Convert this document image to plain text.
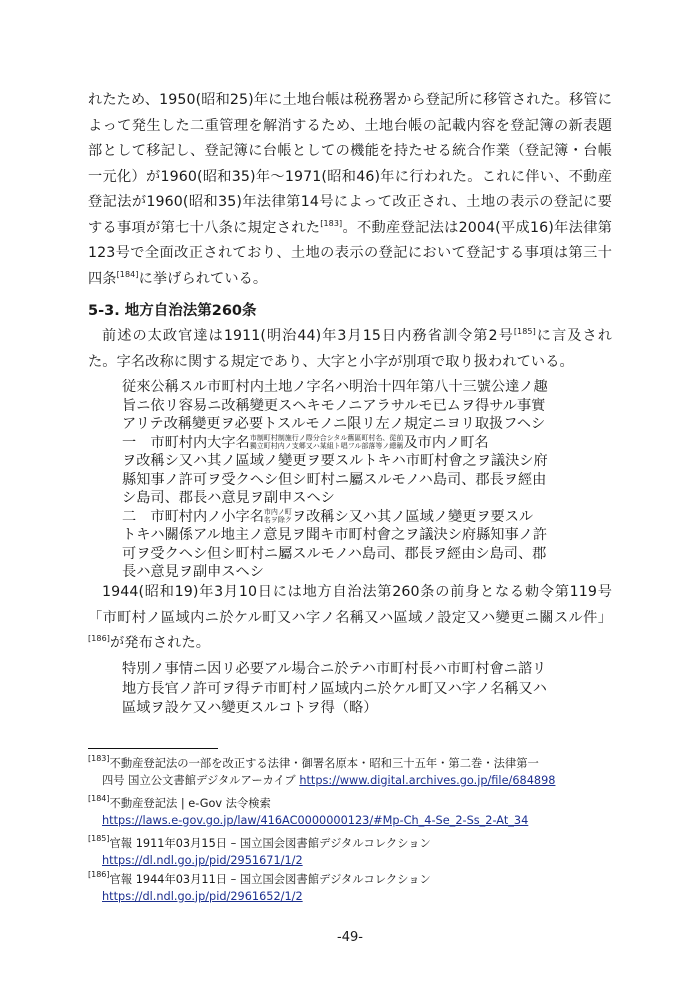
れたため、1950(昭和25)年に土地台帳は税務署から登記所に移管された。移管によって発生した二重管理を解消するため、土地台帳の記載内容を登記簿の新表題部として移記し、登記簿に台帳としての機能を持たせる統合作業（登記簿・台帳一元化）が1960(昭和35)年〜1971(昭和46)年に行われた。これに伴い、不動産登記法が1960(昭和35)年法律第14号によって改正され、土地の表示の登記に要する事項が第七十八条に規定された[183]。不動産登記法は2004(平成16)年法律第123号で全面改正されており、土地の表示の登記において登記する事項は第三十四条[184]に挙げられている。

5-3. 地方自治法第260条

前述の太政官達は1911(明治44)年3月15日内務省訓令第2号[185]に言及された。字名改称に関する規定であり、大字と小字が別項で取り扱われている。

従來公稱スル市町村内土地ノ字名ハ明治十四年第八十三號公達ノ趣
旨ニ依リ容易ニ改稱變更スヘキモノニアラサルモ已ムヲ得サル事實
アリテ改稱變更ヲ必要トスルモノニ限リ左ノ規定ニヨリ取扱フヘシ
一　市町村内大字名 市制町村制施行ノ際分合シタル舊區町村名、從前
獨立町村内ノ支郷又ハ某組ト唱フル部落等ノ總稱 及市内ノ町名
ヲ改稱シ又ハ其ノ區域ノ變更ヲ要スルトキハ市町村會之ヲ議決シ府
縣知事ノ許可ヲ受クヘシ但シ町村ニ屬スルモノハ島司、郡長ヲ經由
シ島司、郡長ハ意見ヲ副申スヘシ
二　市町村内ノ小字名 市内ノ町
名ヲ除ク ヲ改稱シ又ハ其ノ區域ノ變更ヲ要スル
トキハ關係アル地主ノ意見ヲ聞キ市町村會之ヲ議決シ府縣知事ノ許
可ヲ受クヘシ但シ町村ニ屬スルモノハ島司、郡長ヲ經由シ島司、郡
長ハ意見ヲ副申スヘシ

1944(昭和19)年3月10日には地方自治法第260条の前身となる勅令第119号「市町村ノ區域内ニ於ケル町又ハ字ノ名稱又ハ區域ノ設定又ハ變更ニ關スル件」[186]が発布された。

特別ノ事情ニ因リ必要アル場合ニ於テハ市町村長ハ市町村會ニ諮リ
地方長官ノ許可ヲ得テ市町村ノ區域内ニ於ケル町又ハ字ノ名稱又ハ
區域ヲ設ケ又ハ變更スルコトヲ得（略）

[183]不動産登記法の一部を改正する法律・御署名原本・昭和三十五年・第二巻・法律第一
四号 国立公文書館デジタルアーカイブ https://www.digital.archives.go.jp/file/684898

[184]不動産登記法 | e-Gov 法令検索
https://laws.e-gov.go.jp/law/416AC0000000123/#Mp-Ch_4-Se_2-Ss_2-At_34

[185]官報 1911年03月15日 – 国立国会図書館デジタルコレクション
https://dl.ndl.go.jp/pid/2951671/1/2

[186]官報 1944年03月11日 – 国立国会図書館デジタルコレクション
https://dl.ndl.go.jp/pid/2961652/1/2

-49-
